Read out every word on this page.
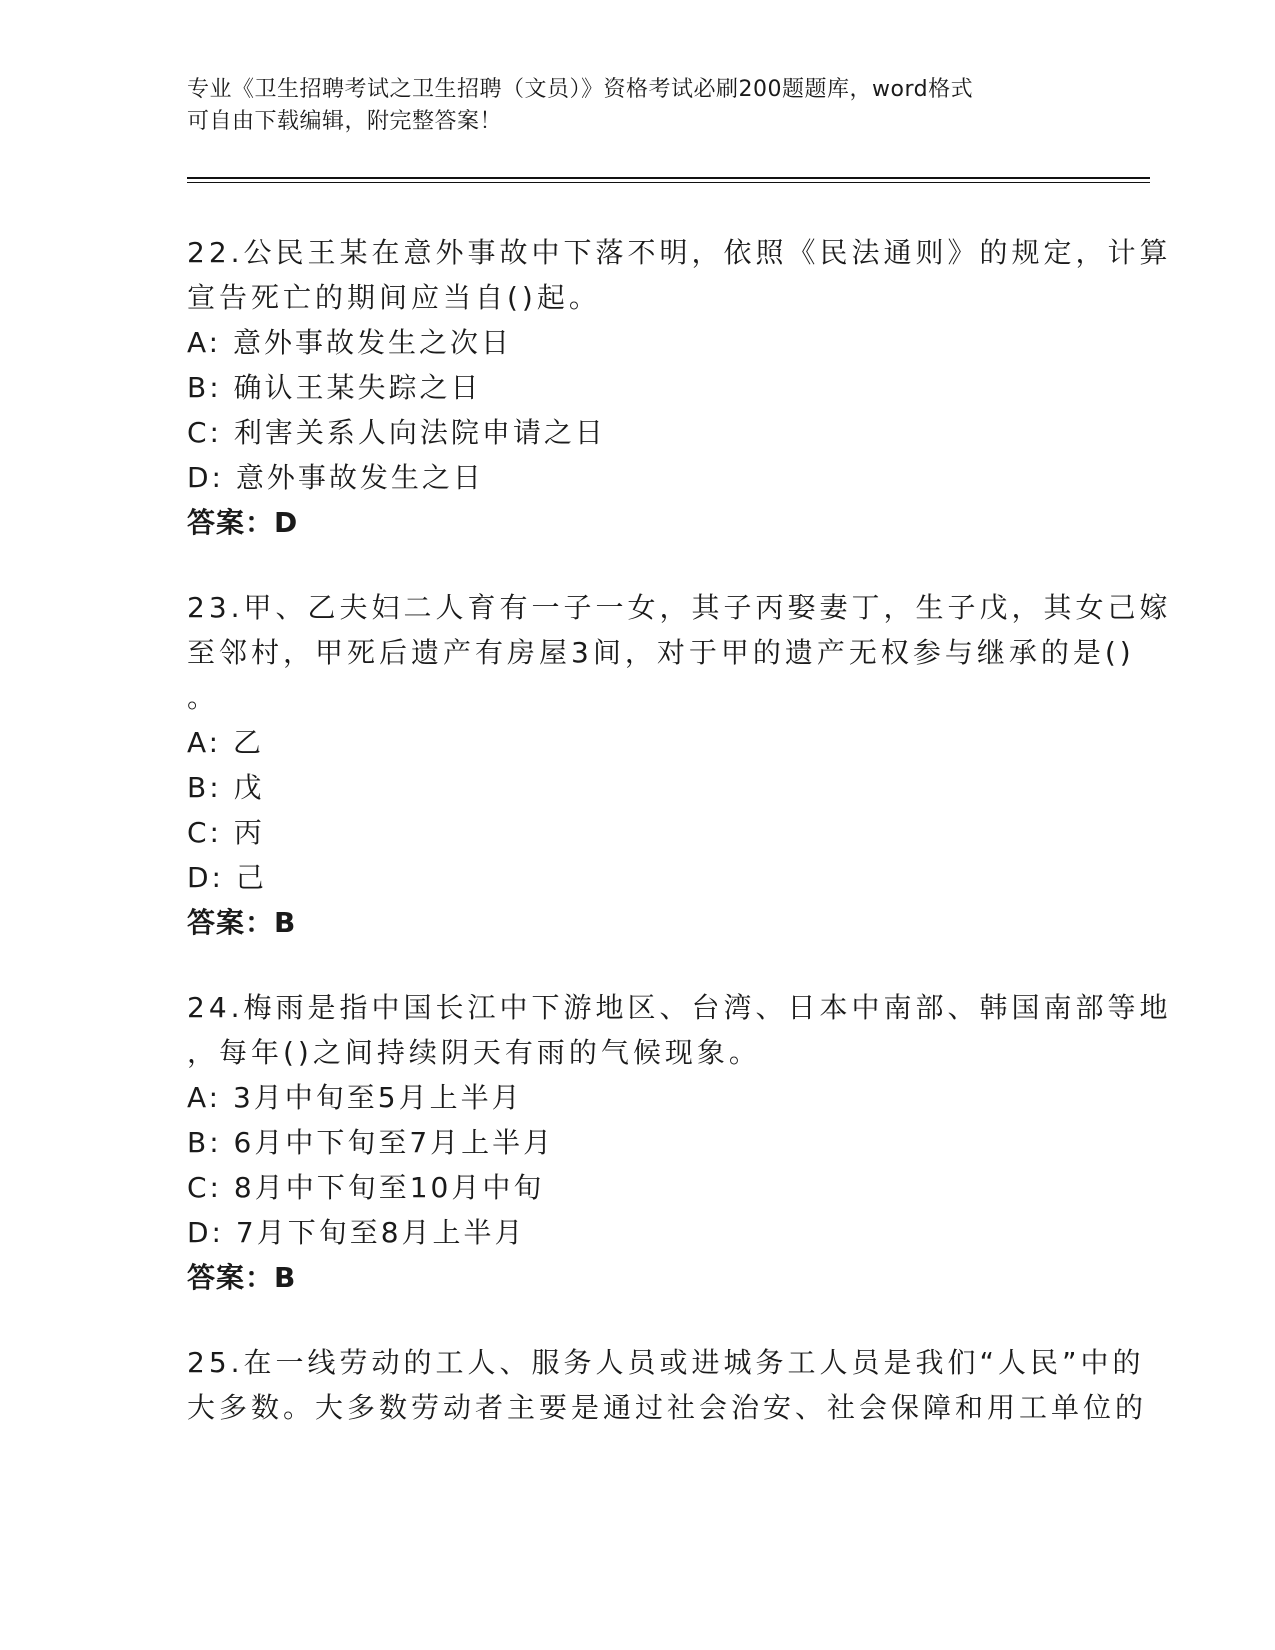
专业《卫生招聘考试之卫生招聘（文员）》资格考试必刷200题题库，word格式
可自由下载编辑，附完整答案！
22.公民王某在意外事故中下落不明，依照《民法通则》的规定，计算
宣告死亡的期间应当自()起。
A: 意外事故发生之次日
B: 确认王某失踪之日
C: 利害关系人向法院申请之日
D: 意外事故发生之日
答案：D
23.甲、乙夫妇二人育有一子一女，其子丙娶妻丁，生子戊，其女己嫁
至邻村，甲死后遗产有房屋3间，对于甲的遗产无权参与继承的是()
。
A: 乙
B: 戊
C: 丙
D: 己
答案：B
24.梅雨是指中国长江中下游地区、台湾、日本中南部、韩国南部等地
，每年()之间持续阴天有雨的气候现象。
A: 3月中旬至5月上半月
B: 6月中下旬至7月上半月
C: 8月中下旬至10月中旬
D: 7月下旬至8月上半月
答案：B
25.在一线劳动的工人、服务人员或进城务工人员是我们“人民”中的
大多数。大多数劳动者主要是通过社会治安、社会保障和用工单位的
